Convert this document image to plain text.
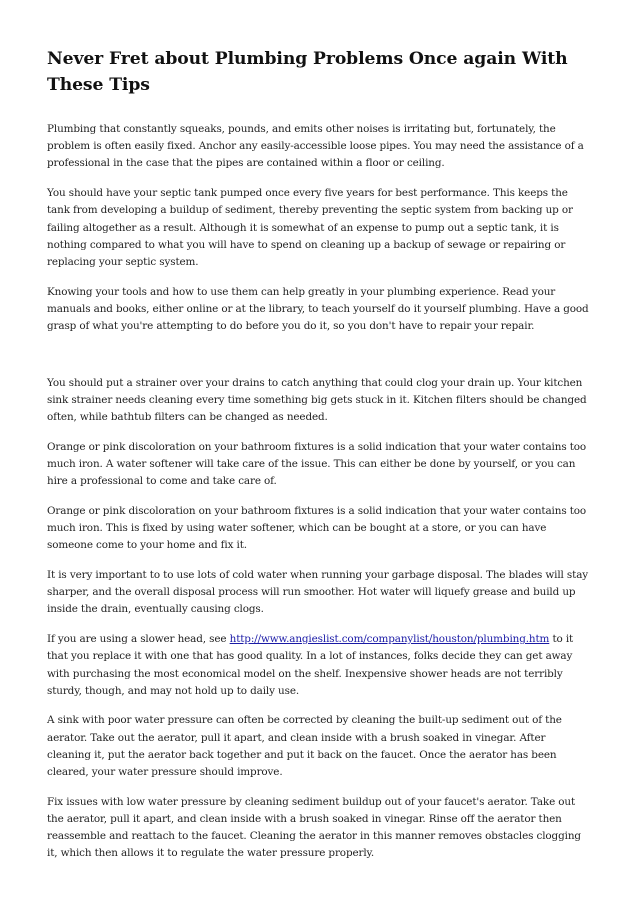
Never Fret about Plumbing Problems Once again With These Tips

Plumbing that constantly squeaks, pounds, and emits other noises is irritating but, fortunately, the problem is often easily fixed. Anchor any easily-accessible loose pipes. You may need the assistance of a professional in the case that the pipes are contained within a floor or ceiling.

You should have your septic tank pumped once every five years for best performance. This keeps the tank from developing a buildup of sediment, thereby preventing the septic system from backing up or failing altogether as a result. Although it is somewhat of an expense to pump out a septic tank, it is nothing compared to what you will have to spend on cleaning up a backup of sewage or repairing or replacing your septic system.

Knowing your tools and how to use them can help greatly in your plumbing experience. Read your manuals and books, either online or at the library, to teach yourself do it yourself plumbing. Have a good grasp of what you're attempting to do before you do it, so you don't have to repair your repair.

You should put a strainer over your drains to catch anything that could clog your drain up. Your kitchen sink strainer needs cleaning every time something big gets stuck in it. Kitchen filters should be changed often, while bathtub filters can be changed as needed.

Orange or pink discoloration on your bathroom fixtures is a solid indication that your water contains too much iron. A water softener will take care of the issue. This can either be done by yourself, or you can hire a professional to come and take care of.

Orange or pink discoloration on your bathroom fixtures is a solid indication that your water contains too much iron. This is fixed by using water softener, which can be bought at a store, or you can have someone come to your home and fix it.

It is very important to to use lots of cold water when running your garbage disposal. The blades will stay sharper, and the overall disposal process will run smoother. Hot water will liquefy grease and build up inside the drain, eventually causing clogs.

If you are using a slower head, see http://www.angieslist.com/companylist/houston/plumbing.htm to it that you replace it with one that has good quality. In a lot of instances, folks decide they can get away with purchasing the most economical model on the shelf. Inexpensive shower heads are not terribly sturdy, though, and may not hold up to daily use.

A sink with poor water pressure can often be corrected by cleaning the built-up sediment out of the aerator. Take out the aerator, pull it apart, and clean inside with a brush soaked in vinegar. After cleaning it, put the aerator back together and put it back on the faucet. Once the aerator has been cleared, your water pressure should improve.

Fix issues with low water pressure by cleaning sediment buildup out of your faucet's aerator. Take out the aerator, pull it apart, and clean inside with a brush soaked in vinegar. Rinse off the aerator then reassemble and reattach to the faucet. Cleaning the aerator in this manner removes obstacles clogging it, which then allows it to regulate the water pressure properly.
